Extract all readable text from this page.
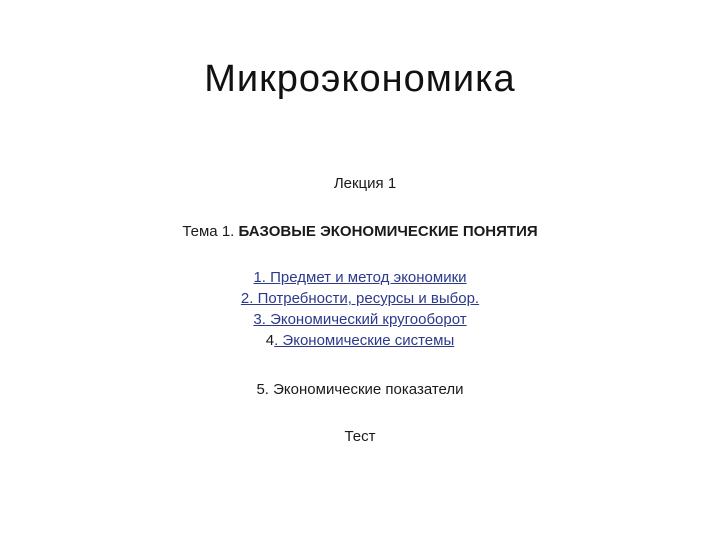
Микроэкономика
Лекция 1
Тема 1. БАЗОВЫЕ ЭКОНОМИЧЕСКИЕ ПОНЯТИЯ
1. Предмет и метод экономики
2. Потребности, ресурсы и выбор.
3. Экономический кругооборот
4. Экономические системы
5. Экономические показатели
Тест
